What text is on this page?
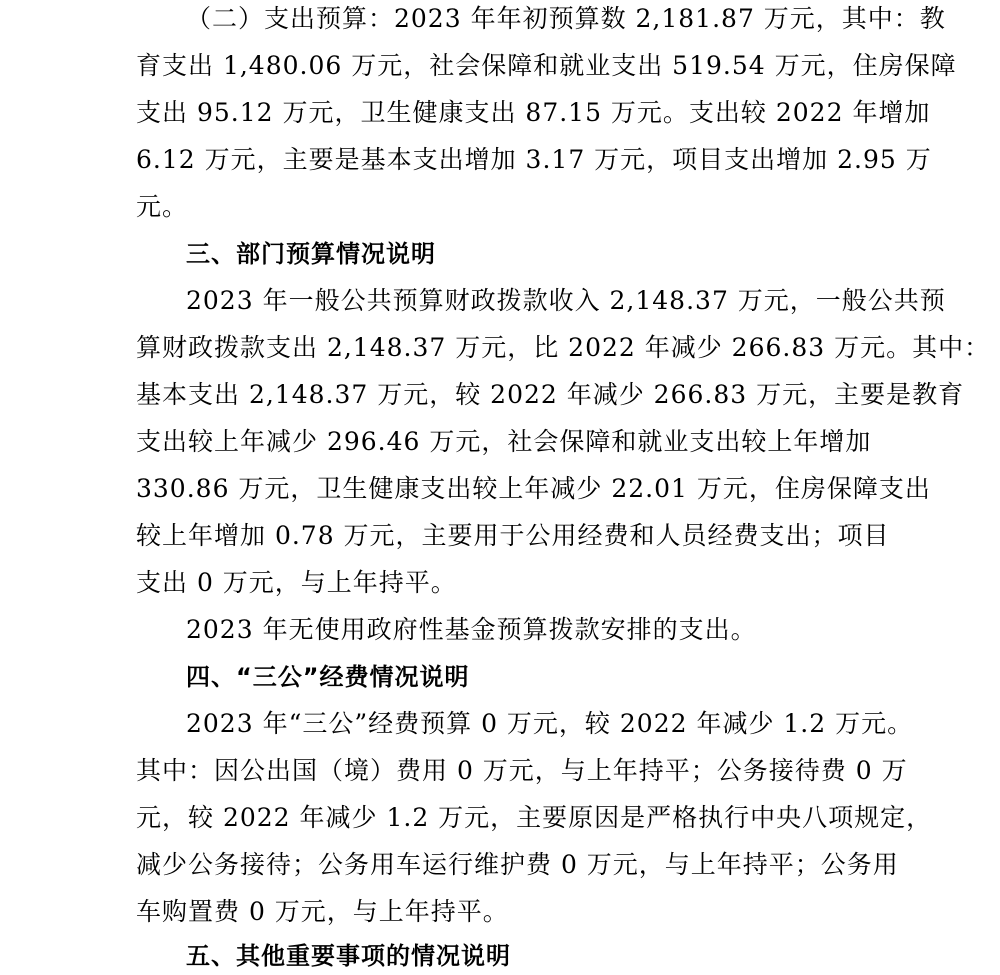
（二）支出预算：2023 年年初预算数 2,181.87 万元，其中：教
育支出 1,480.06 万元，社会保障和就业支出 519.54 万元，住房保障
支出 95.12 万元，卫生健康支出 87.15 万元。支出较 2022 年增加
6.12 万元，主要是基本支出增加 3.17 万元，项目支出增加 2.95 万
元。
三、部门预算情况说明
2023 年一般公共预算财政拨款收入 2,148.37 万元，一般公共预
算财政拨款支出 2,148.37 万元，比 2022 年减少 266.83 万元。其中：
基本支出 2,148.37 万元，较 2022 年减少 266.83 万元，主要是教育
支出较上年减少 296.46 万元，社会保障和就业支出较上年增加
330.86 万元，卫生健康支出较上年减少 22.01 万元，住房保障支出
较上年增加 0.78 万元，主要用于公用经费和人员经费支出；项目
支出 0 万元，与上年持平。
2023 年无使用政府性基金预算拨款安排的支出。
四、“三公”经费情况说明
2023 年“三公”经费预算 0 万元，较 2022 年减少 1.2 万元。
其中：因公出国（境）费用 0 万元，与上年持平；公务接待费 0 万
元，较 2022 年减少 1.2 万元，主要原因是严格执行中央八项规定，
减少公务接待；公务用车运行维护费 0 万元，与上年持平；公务用
车购置费 0 万元，与上年持平。
五、其他重要事项的情况说明
